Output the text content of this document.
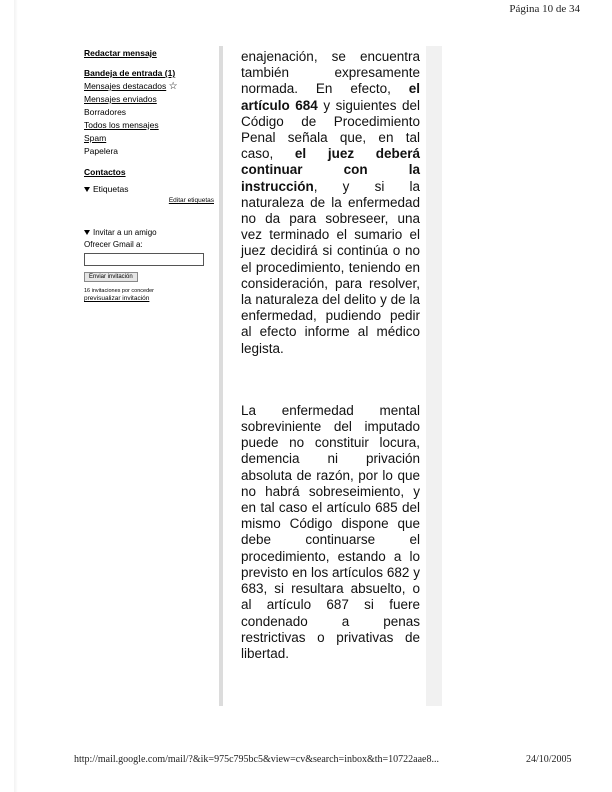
Página 10 de 34
Redactar mensaje
Bandeja de entrada (1)
Mensajes destacados ☆
Mensajes enviados
Borradores
Todos los mensajes
Spam
Papelera
Contactos
Etiquetas
Editar etiquetas
Invitar a un amigo
Ofrecer Gmail a:
Enviar invitación
16 invitaciones por conceder
previsualizar invitación

enajenación, se encuentra también expresamente normada. En efecto, el artículo 684 y siguientes del Código de Procedimiento Penal señala que, en tal caso, el juez deberá continuar con la instrucción, y si la naturaleza de la enfermedad no da para sobreseer, una vez terminado el sumario el juez decidirá si continúa o no el procedimiento, teniendo en consideración, para resolver, la naturaleza del delito y de la enfermedad, pudiendo pedir al efecto informe al médico legista.

La enfermedad mental sobreviniente del imputado puede no constituir locura, demencia ni privación absoluta de razón, por lo que no habrá sobreseimiento, y en tal caso el artículo 685 del mismo Código dispone que debe continuarse el procedimiento, estando a lo previsto en los artículos 682 y 683, si resultara absuelto, o al artículo 687 si fuere condenado a penas restrictivas o privativas de libertad.

http://mail.google.com/mail/?&ik=975c795bc5&view=cv&search=inbox&th=10722aae8...	24/10/2005
